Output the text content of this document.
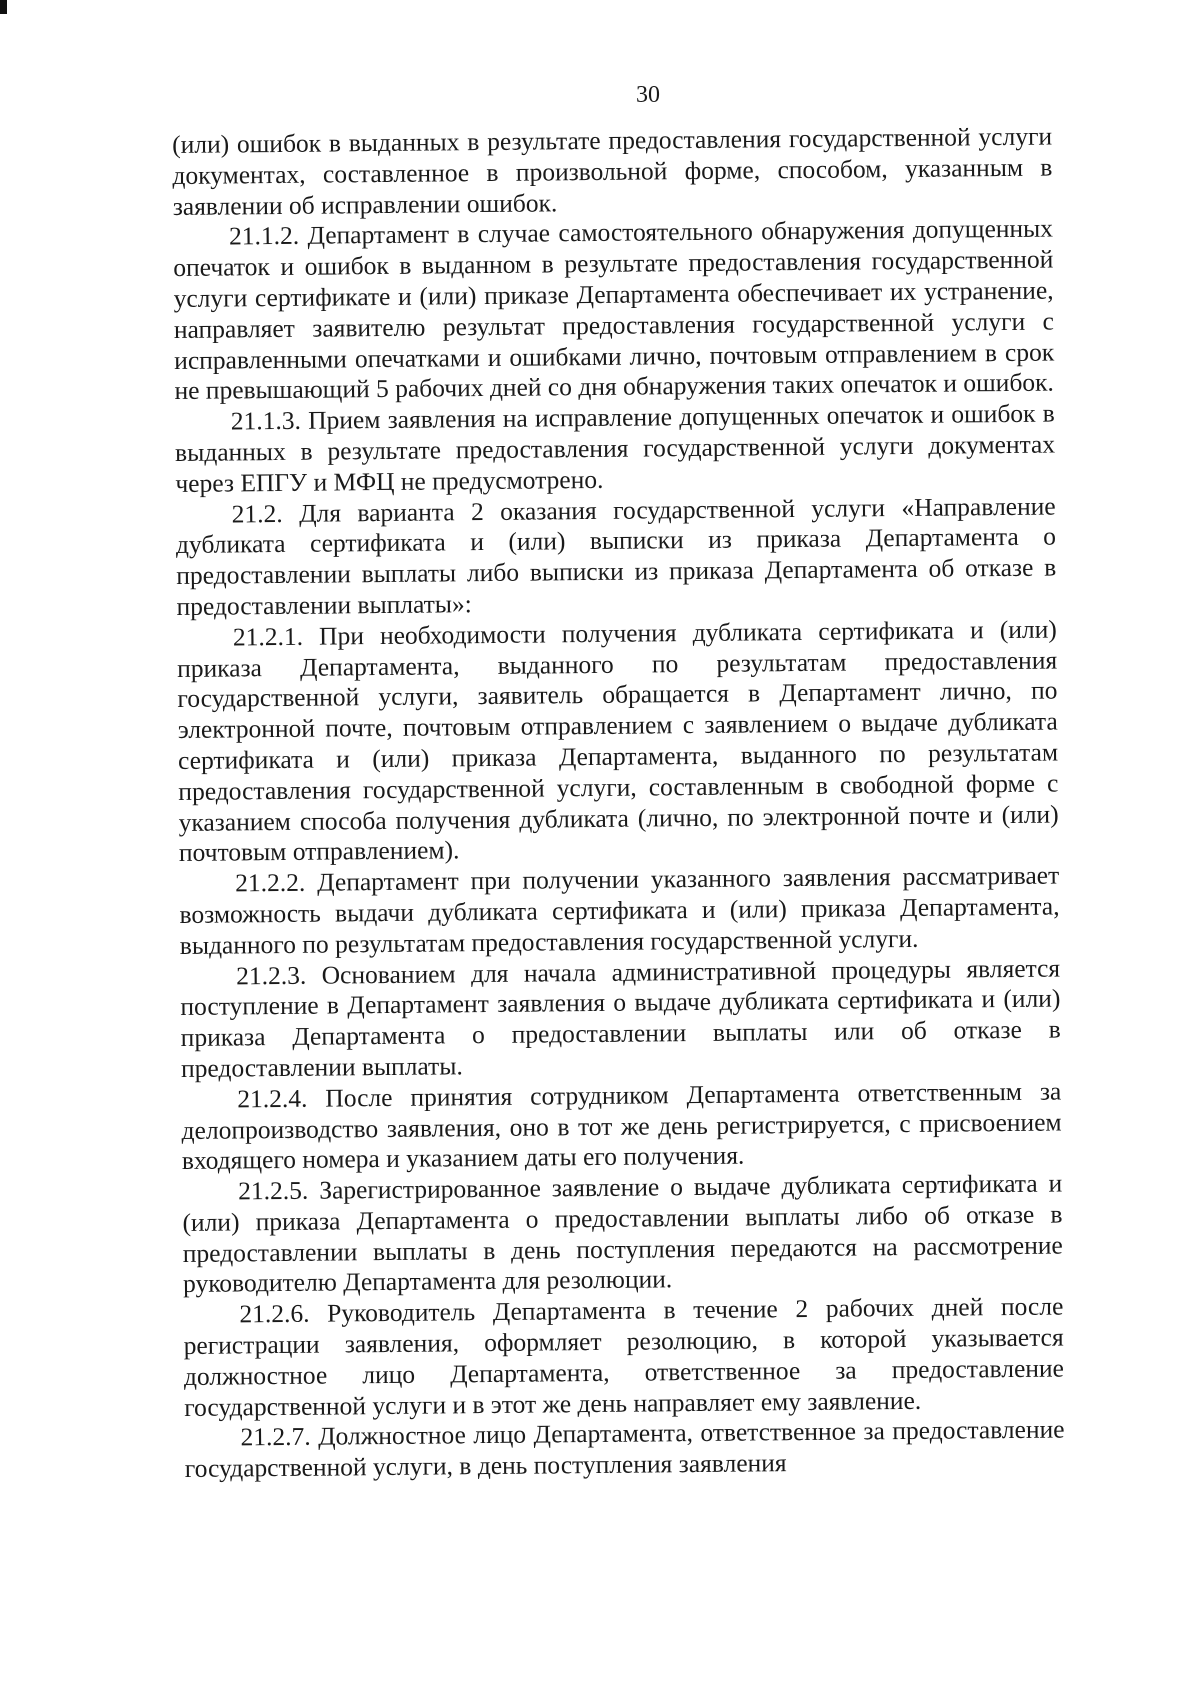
30

(или) ошибок в выданных в результате предоставления государственной услуги документах, составленное в произвольной форме, способом, указанным в заявлении об исправлении ошибок.

21.1.2. Департамент в случае самостоятельного обнаружения допущенных опечаток и ошибок в выданном в результате предоставления государственной услуги сертификате и (или) приказе Департамента обеспечивает их устранение, направляет заявителю результат предоставления государственной услуги с исправленными опечатками и ошибками лично, почтовым отправлением в срок не превышающий 5 рабочих дней со дня обнаружения таких опечаток и ошибок.

21.1.3. Прием заявления на исправление допущенных опечаток и ошибок в выданных в результате предоставления государственной услуги документах через ЕПГУ и МФЦ не предусмотрено.

21.2. Для варианта 2 оказания государственной услуги «Направление дубликата сертификата и (или) выписки из приказа Департамента о предоставлении выплаты либо выписки из приказа Департамента об отказе в предоставлении выплаты»:

21.2.1. При необходимости получения дубликата сертификата и (или) приказа Департамента, выданного по результатам предоставления государственной услуги, заявитель обращается в Департамент лично, по электронной почте, почтовым отправлением с заявлением о выдаче дубликата сертификата и (или) приказа Департамента, выданного по результатам предоставления государственной услуги, составленным в свободной форме с указанием способа получения дубликата (лично, по электронной почте и (или) почтовым отправлением).

21.2.2. Департамент при получении указанного заявления рассматривает возможность выдачи дубликата сертификата и (или) приказа Департамента, выданного по результатам предоставления государственной услуги.

21.2.3. Основанием для начала административной процедуры является поступление в Департамент заявления о выдаче дубликата сертификата и (или) приказа Департамента о предоставлении выплаты или об отказе в предоставлении выплаты.

21.2.4. После принятия сотрудником Департамента ответственным за делопроизводство заявления, оно в тот же день регистрируется, с присвоением входящего номера и указанием даты его получения.

21.2.5. Зарегистрированное заявление о выдаче дубликата сертификата и (или) приказа Департамента о предоставлении выплаты либо об отказе в предоставлении выплаты в день поступления передаются на рассмотрение руководителю Департамента для резолюции.

21.2.6. Руководитель Департамента в течение 2 рабочих дней после регистрации заявления, оформляет резолюцию, в которой указывается должностное лицо Департамента, ответственное за предоставление государственной услуги и в этот же день направляет ему заявление.

21.2.7. Должностное лицо Департамента, ответственное за предоставление государственной услуги, в день поступления заявления
